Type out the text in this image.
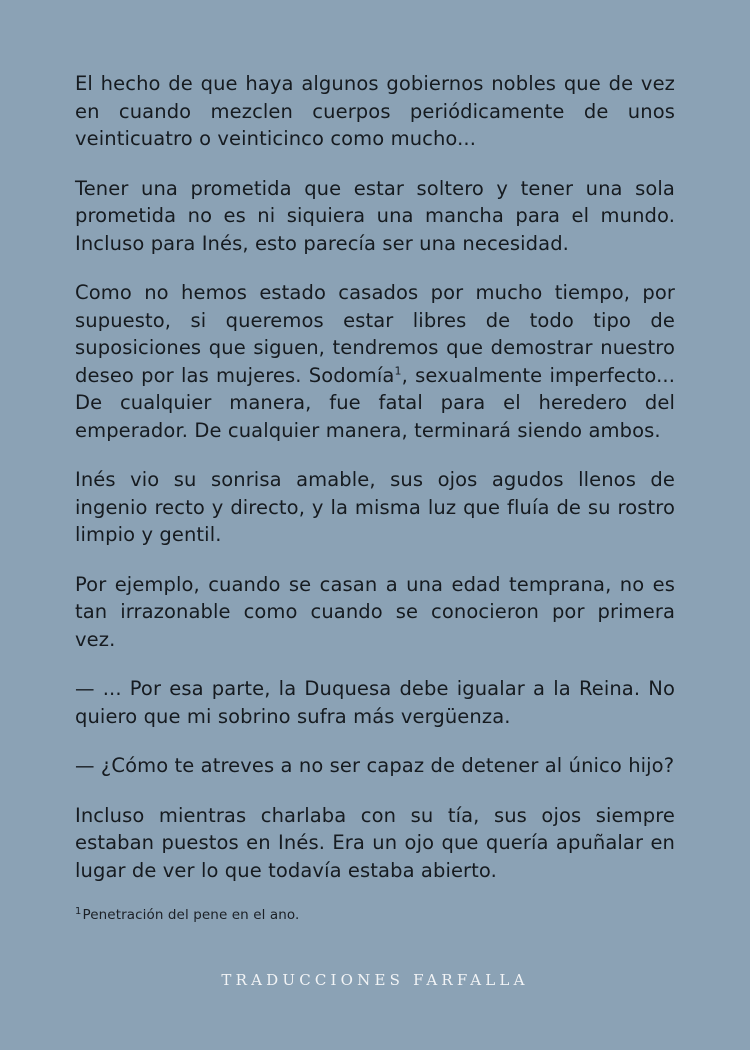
El hecho de que haya algunos gobiernos nobles que de vez en cuando mezclen cuerpos periódicamente de unos veinticuatro o veinticinco como mucho...

Tener una prometida que estar soltero y tener una sola prometida no es ni siquiera una mancha para el mundo. Incluso para Inés, esto parecía ser una necesidad.

Como no hemos estado casados por mucho tiempo, por supuesto, si queremos estar libres de todo tipo de suposiciones que siguen, tendremos que demostrar nuestro deseo por las mujeres. Sodomía$^1$, sexualmente imperfecto... De cualquier manera, fue fatal para el heredero del emperador. De cualquier manera, terminará siendo ambos.

Inés vio su sonrisa amable, sus ojos agudos llenos de ingenio recto y directo, y la misma luz que fluía de su rostro limpio y gentil.

Por ejemplo, cuando se casan a una edad temprana, no es tan irrazonable como cuando se conocieron por primera vez.

— ... Por esa parte, la Duquesa debe igualar a la Reina. No quiero que mi sobrino sufra más vergüenza.

— ¿Cómo te atreves a no ser capaz de detener al único hijo?

Incluso mientras charlaba con su tía, sus ojos siempre estaban puestos en Inés. Era un ojo que quería apuñalar en lugar de ver lo que todavía estaba abierto.

$^1$Penetración del pene en el ano.

TRADUCCIONES FARFALLA
